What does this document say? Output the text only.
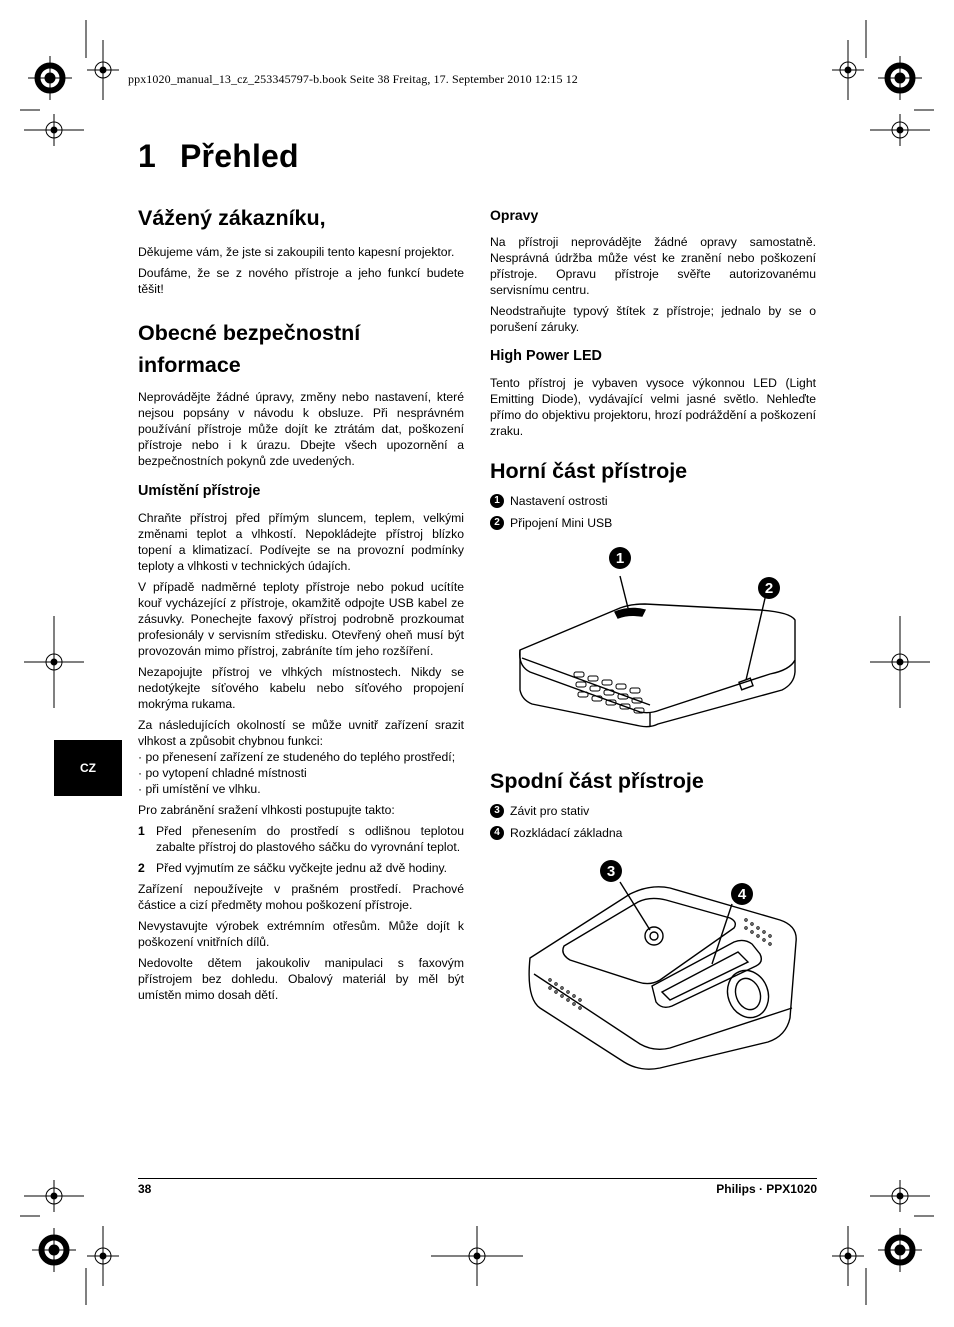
ppx1020_manual_13_cz_253345797-b.book Seite 38 Freitag, 17. September 2010 12:15 12
1 Přehled
CZ
Vážený zákazníku,

Děkujeme vám, že jste si zakoupili tento kapesní projektor.

Doufáme, že se z nového přístroje a jeho funkcí budete těšit!

Obecné bezpečnostní informace

Neprovádějte žádné úpravy, změny nebo nastavení, které nejsou popsány v návodu k obsluze. Při nesprávném používání přístroje může dojít ke ztrátám dat, poškození přístroje nebo i k úrazu. Dbejte všech upozornění a bezpečnostních pokynů zde uvedených.

Umístění přístroje

Chraňte přístroj před přímým sluncem, teplem, velkými změnami teplot a vlhkostí. Nepokládejte přístroj blízko topení a klimatizací. Podívejte se na provozní podmínky teploty a vlhkosti v technických údajích.

V případě nadměrné teploty přístroje nebo pokud ucítíte kouř vycházející z přístroje, okamžitě odpojte USB kabel ze zásuvky. Ponechejte faxový přístroj podrobně prozkoumat profesionály v servisním středisku. Otevřený oheň musí být provozován mimo přístroj, zabráníte tím jeho rozšíření.

Nezapojujte přístroj ve vlhkých místnostech. Nikdy se nedotýkejte síťového kabelu nebo síťového propojení mokrýma rukama.

Za následujících okolností se může uvnitř zařízení srazit vlhkost a způsobit chybnou funkci:

· po přenesení zařízení ze studeného do teplého prostředí;

· po vytopení chladné místnosti

· při umístění ve vlhku.

Pro zabránění sražení vlhkosti postupujte takto:

1 Před přenesením do prostředí s odlišnou teplotou zabalte přístroj do plastového sáčku do vyrovnání teplot.
2 Před vyjmutím ze sáčku vyčkejte jednu až dvě hodiny.

Zařízení nepoužívejte v prašném prostředí. Prachové částice a cizí předměty mohou poškození přístroje.

Nevystavujte výrobek extrémním otřesům. Může dojít k poškození vnitřních dílů.

Nedovolte dětem jakoukoliv manipulaci s faxovým přístrojem bez dohledu. Obalový materiál by měl být umístěn mimo dosah dětí.

Opravy

Na přístroji neprovádějte žádné opravy samostatně. Nesprávná údržba může vést ke zranění nebo poškození přístroje. Opravu přístroje svěřte autorizovanému servisnímu centru.

Neodstraňujte typový štítek z přístroje; jednalo by se o porušení záruky.

High Power LED

Tento přístroj je vybaven vysoce výkonnou LED (Light Emitting Diode), vydávající velmi jasné světlo. Nehleďte přímo do objektivu projektoru, hrozí podráždění a poškození zraku.

Horní část přístroje
1 Nastavení ostrosti
2 Připojení Mini USB
1
2
Spodní část přístroje
3 Závit pro stativ
4 Rozkládací základna
3
4
38	Philips · PPX1020
